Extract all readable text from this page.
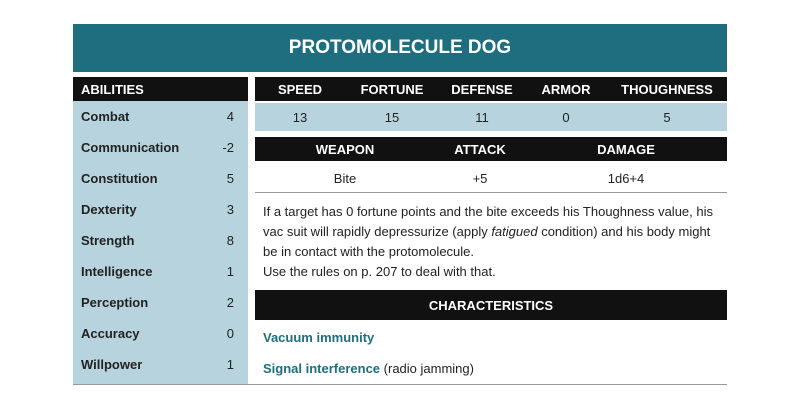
PROTOMOLECULE DOG
ABILITIES
Combat	4
Communication	-2
Constitution	5
Dexterity	3
Strength	8
Intelligence	1
Perception	2
Accuracy	0
Willpower	1
SPEED	FORTUNE	DEFENSE	ARMOR	THOUGHNESS
13	15	11	0	5
WEAPON	ATTACK	DAMAGE
Bite	+5	1d6+4

If a target has 0 fortune points and the bite exceeds his Thoughness value, his vac suit will rapidly depressurize (apply fatigued condition) and his body might be in contact with the protomolecule.

Use the rules on p. 207 to deal with that.

CHARACTERISTICS
Vacuum immunity
Signal interference (radio jamming)
